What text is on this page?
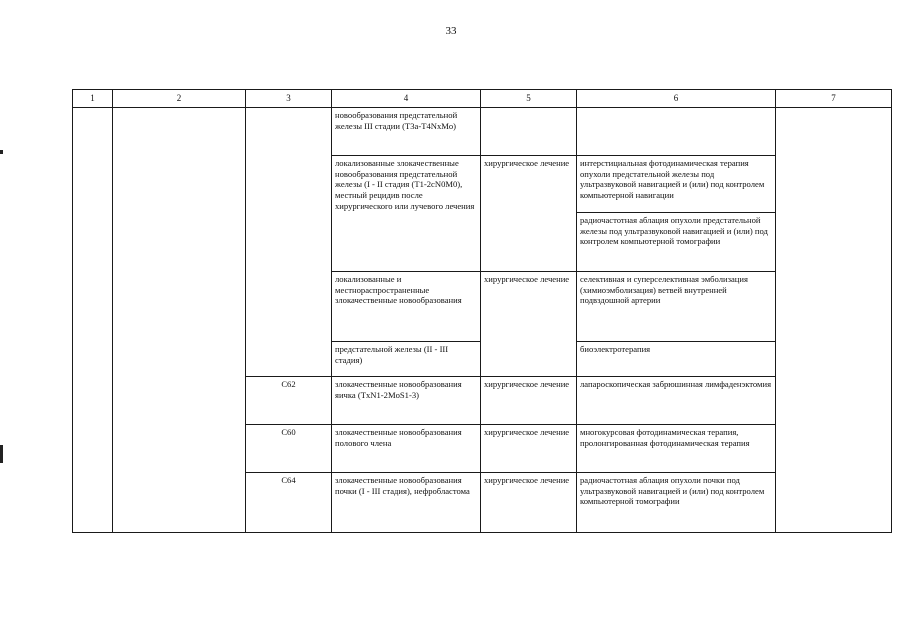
33
1	2	3	4	5	6	7
			новообразования предстательной железы III стадии (T3a-T4NxMo)			
			локализованные злокачественные новообразования предстательной железы (I - II стадия (T1-2cN0M0), местный рецидив после хирургического или лучевого лечения	хирургическое лечение	интерстициальная фотодинамическая терапия опухоли предстательной железы под ультразвуковой навигацией и (или) под контролем компьютерной навигации	
					радиочастотная аблация опухоли предстательной железы под ультразвуковой навигацией и (или) под контролем компьютерной томографии	
			локализованные и местнораспространенные злокачественные новообразования	хирургическое лечение	селективная и суперселективная эмболизация (химиоэмболизация) ветвей внутренней подвздошной артерии	
			предстательной железы (II - III стадия)		биоэлектротерапия	
		C62	злокачественные новообразования яичка (TxN1-2MoS1-3)	хирургическое лечение	лапароскопическая забрюшинная лимфаденэктомия	
		C60	злокачественные новообразования полового члена	хирургическое лечение	многокурсовая фотодинамическая терапия, пролонгированная фотодинамическая терапия	
		C64	злокачественные новообразования почки (I - III стадия), нефробластома	хирургическое лечение	радиочастотная аблация опухоли почки под ультразвуковой навигацией и (или) под контролем компьютерной томографии	
